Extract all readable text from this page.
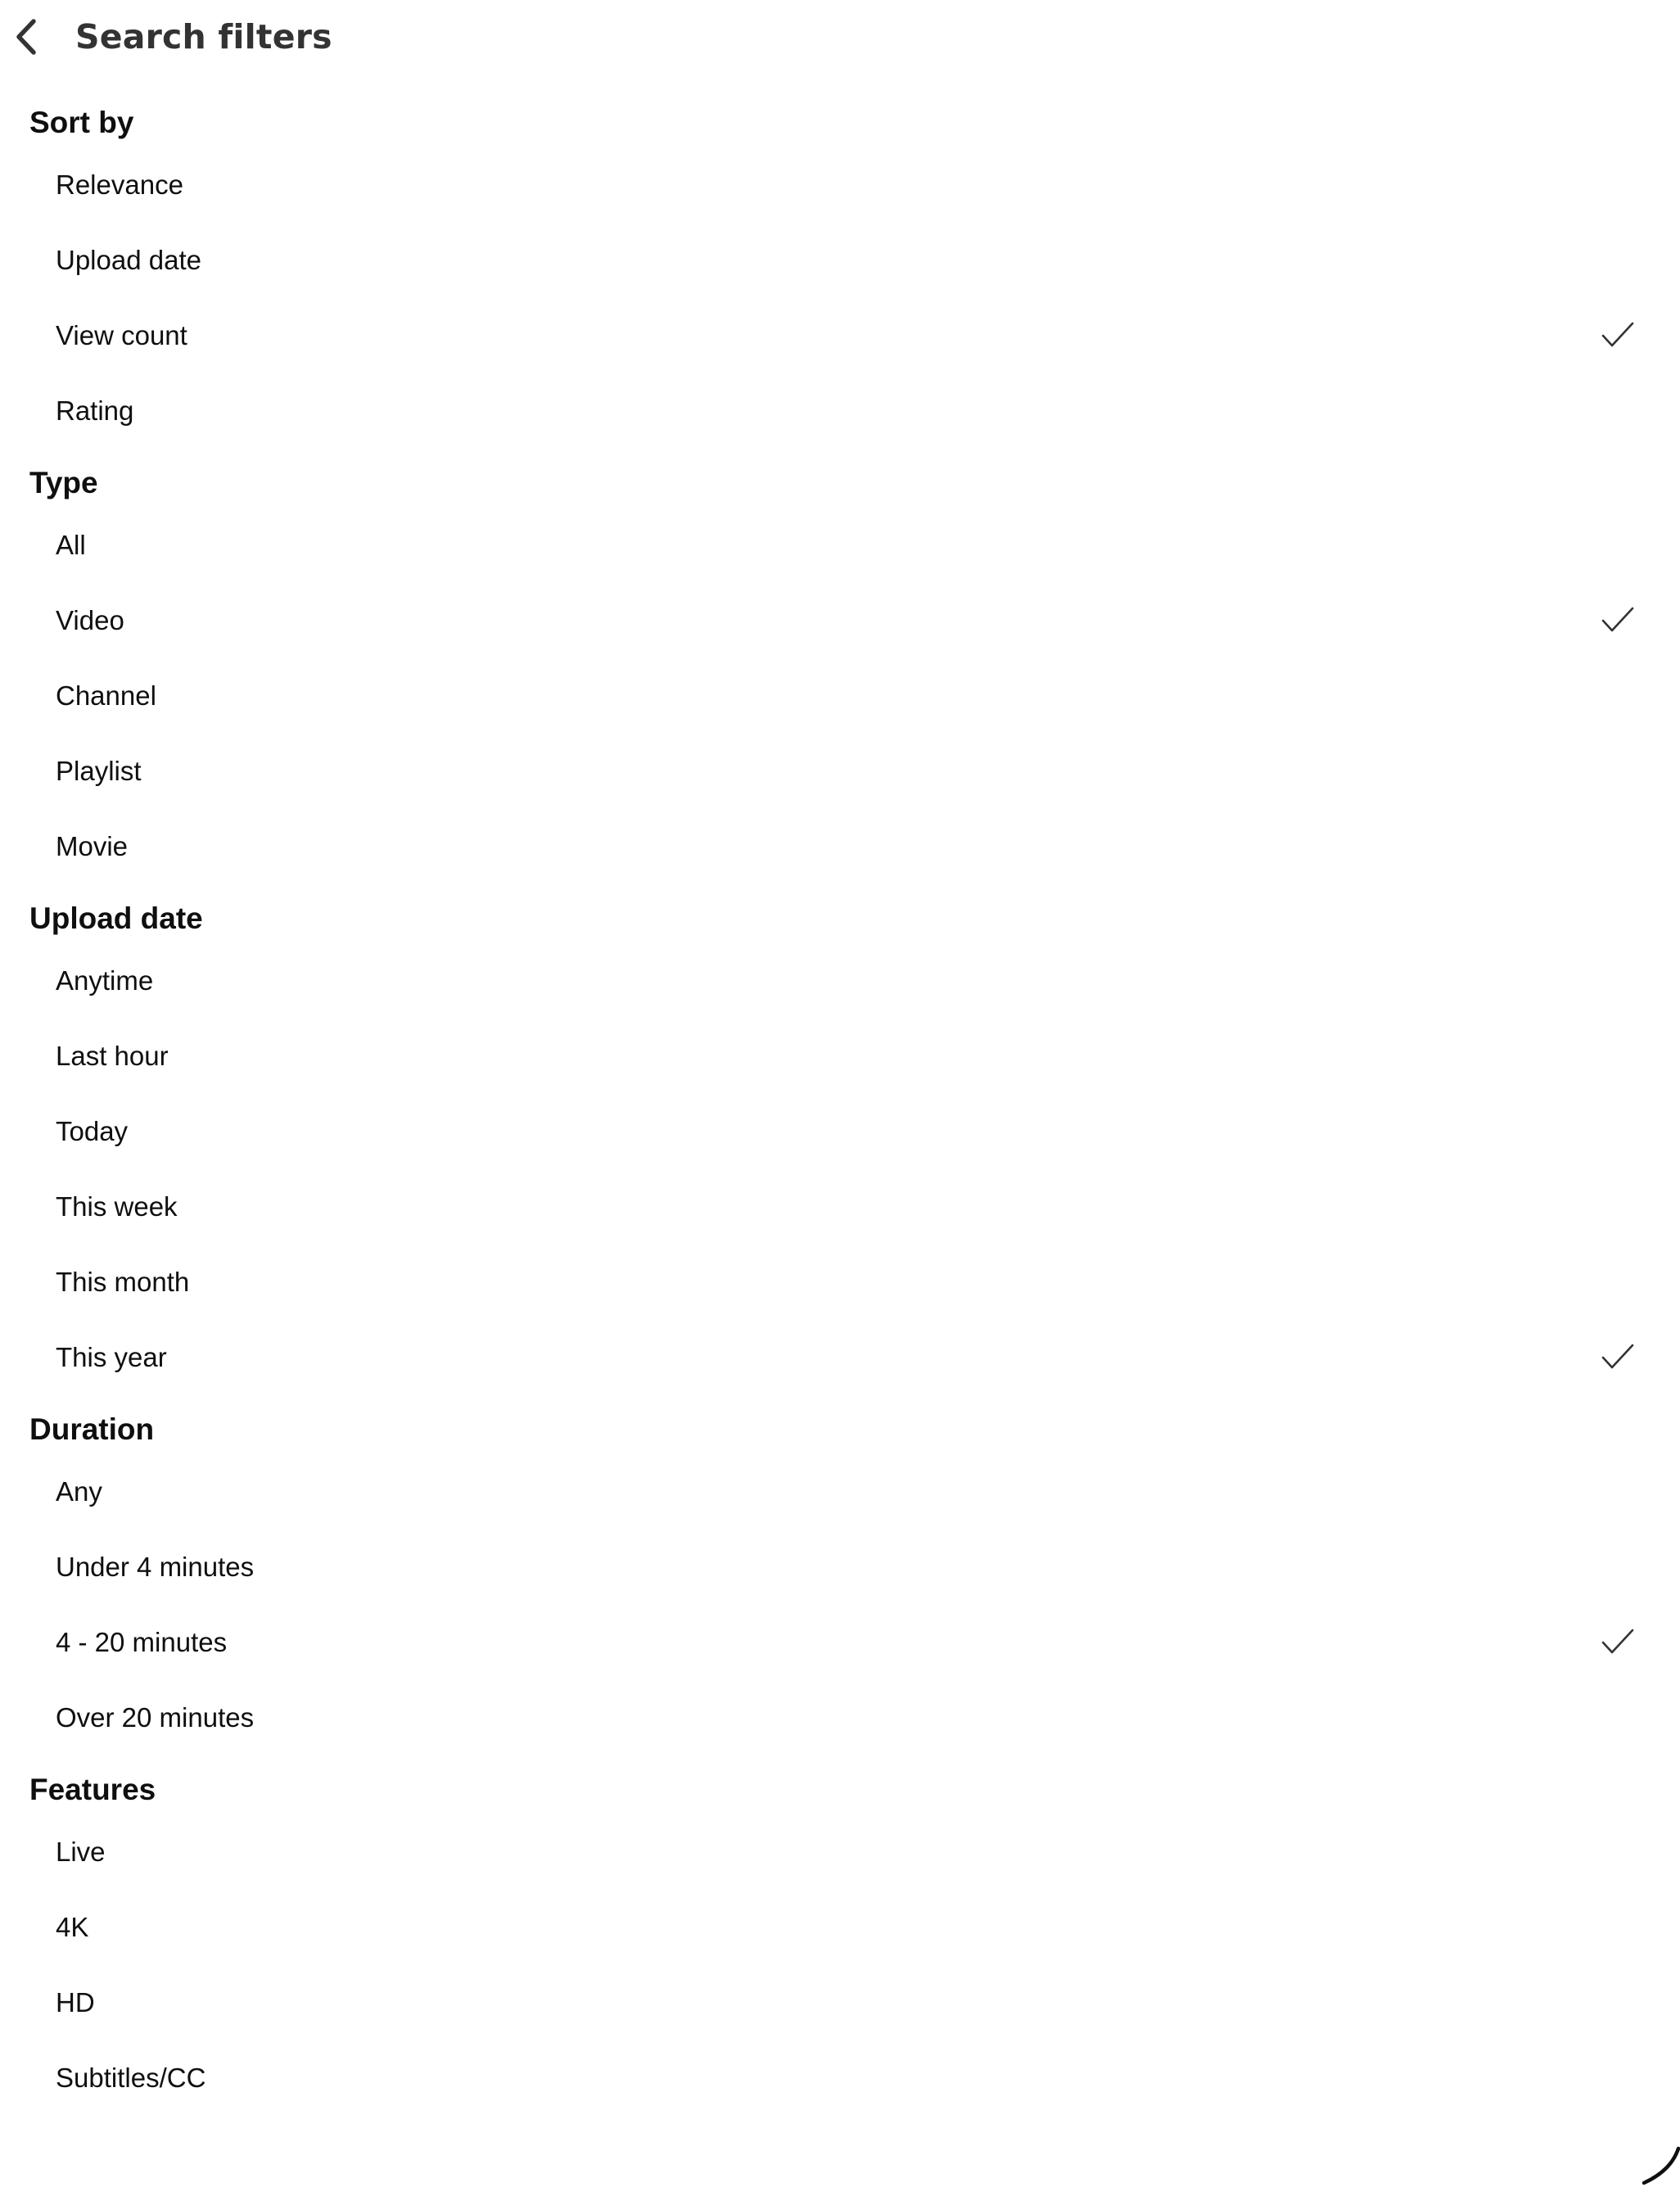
Search filters
Sort by
Relevance
Upload date
View count
Rating
Type
All
Video
Channel
Playlist
Movie
Upload date
Anytime
Last hour
Today
This week
This month
This year
Duration
Any
Under 4 minutes
4 - 20 minutes
Over 20 minutes
Features
Live
4K
HD
Subtitles/CC
